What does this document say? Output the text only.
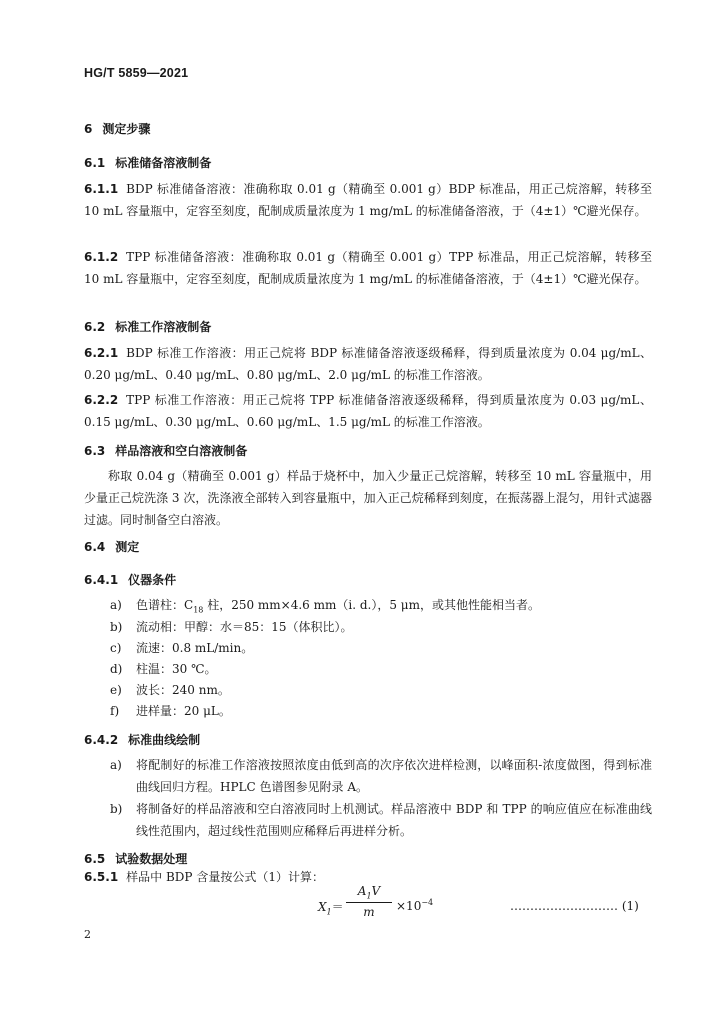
HG/T 5859—2021
6 测定步骤
6.1 标准储备溶液制备
6.1.1 BDP 标准储备溶液：准确称取 0.01 g（精确至 0.001 g）BDP 标准品，用正己烷溶解，转移至 10 mL 容量瓶中，定容至刻度，配制成质量浓度为 1 mg/mL 的标准储备溶液，于（4±1）℃避光保存。
6.1.2 TPP 标准储备溶液：准确称取 0.01 g（精确至 0.001 g）TPP 标准品，用正己烷溶解，转移至 10 mL 容量瓶中，定容至刻度，配制成质量浓度为 1 mg/mL 的标准储备溶液，于（4±1）℃避光保存。
6.2 标准工作溶液制备
6.2.1 BDP 标准工作溶液：用正己烷将 BDP 标准储备溶液逐级稀释，得到质量浓度为 0.04 μg/mL、0.20 μg/mL、0.40 μg/mL、0.80 μg/mL、2.0 μg/mL 的标准工作溶液。
6.2.2 TPP 标准工作溶液：用正己烷将 TPP 标准储备溶液逐级稀释，得到质量浓度为 0.03 μg/mL、0.15 μg/mL、0.30 μg/mL、0.60 μg/mL、1.5 μg/mL 的标准工作溶液。
6.3 样品溶液和空白溶液制备
称取 0.04 g（精确至 0.001 g）样品于烧杯中，加入少量正己烷溶解，转移至 10 mL 容量瓶中，用少量正己烷洗涤 3 次，洗涤液全部转入到容量瓶中，加入正己烷稀释到刻度，在振荡器上混匀，用针式滤器过滤。同时制备空白溶液。
6.4 测定
6.4.1 仪器条件
a) 色谱柱：$C_{18}$ 柱，250 mm×4.6 mm（i. d.），5 μm，或其他性能相当者。
b) 流动相：甲醇：水＝85：15（体积比）。
c) 流速：0.8 mL/min。
d) 柱温：30 ℃。
e) 波长：240 nm。
f) 进样量：20 μL。
6.4.2 标准曲线绘制
a) 将配制好的标准工作溶液按照浓度由低到高的次序依次进样检测，以峰面积-浓度做图，得到标准曲线回归方程。HPLC 色谱图参见附录 A。
b) 将制备好的样品溶液和空白溶液同时上机测试。样品溶液中 BDP 和 TPP 的响应值应在标准曲线线性范围内，超过线性范围则应稀释后再进样分析。
6.5 试验数据处理
6.5.1 样品中 BDP 含量按公式（1）计算：
$X_1=$
$A_1V$
m	$\times 10^{-4}$	……………………… (1)
2
